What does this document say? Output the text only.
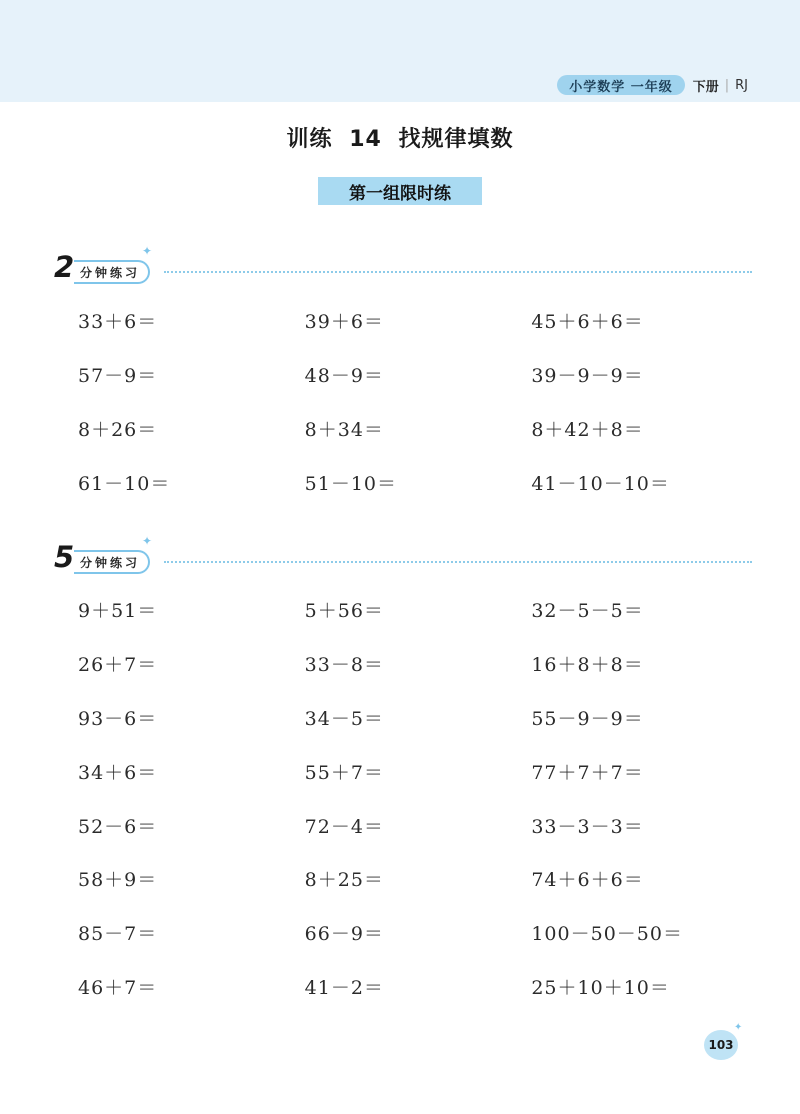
小学数学 一年级	下册 | RJ
训练 14 找规律填数
第一组限时练
2 分钟练习
✦
33＋6＝	39＋6＝	45＋6＋6＝
57－9＝	48－9＝	39－9－9＝
8＋26＝	8＋34＝	8＋42＋8＝
61－10＝	51－10＝	41－10－10＝
5 分钟练习
✦
9＋51＝	5＋56＝	32－5－5＝
26＋7＝	33－8＝	16＋8＋8＝
93－6＝	34－5＝	55－9－9＝
34＋6＝	55＋7＝	77＋7＋7＝
52－6＝	72－4＝	33－3－3＝
58＋9＝	8＋25＝	74＋6＋6＝
85－7＝	66－9＝	100－50－50＝
46＋7＝	41－2＝	25＋10＋10＝
103
✦
